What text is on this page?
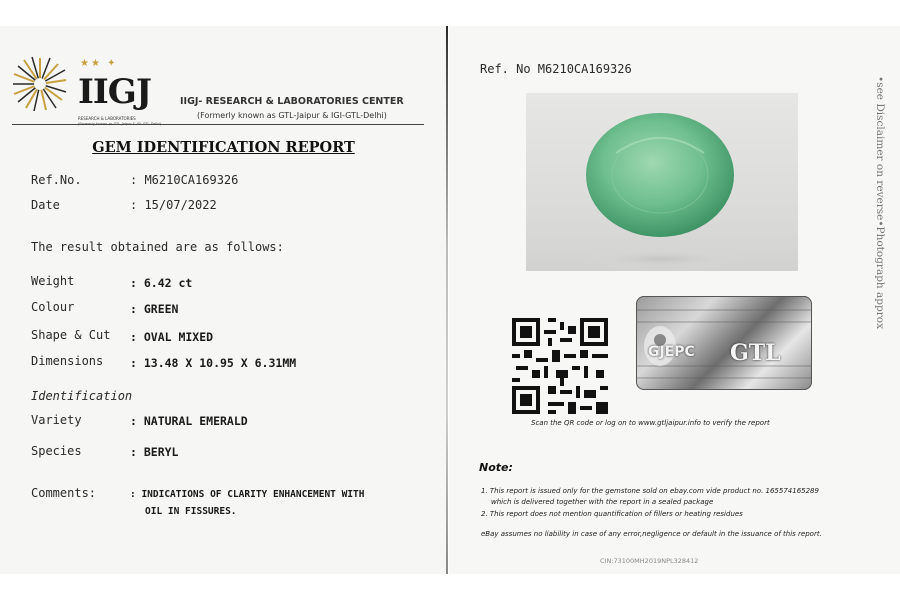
★★ ✦
IIGJ
RESEARCH & LABORATORIES
IIGJ- RESEARCH & LABORATORIES CENTER
(Formerly known as GTL-Jaipur & IGI-GTL-Delhi)
GEM IDENTIFICATION REPORT
Ref.No.	: M6210CA169326
Date	: 15/07/2022
The result obtained are as follows:
Weight	: 6.42 ct
Colour	: GREEN
Shape & Cut : OVAL MIXED
Dimensions : 13.48 X 10.95 X 6.31MM
Identification
Variety	: NATURAL EMERALD
Species	: BERYL
Comments:	: INDICATIONS OF CLARITY ENHANCEMENT WITH
OIL IN FISSURES.
Ref. No M6210CA169326
•see Disclaimer on reverse•Photograph approx
GJEPC GTL
Scan the QR code or log on to www.gtljaipur.info to verify the report
Note:
1. This report is issued only for the gemstone sold on ebay.com vide product no. 165574165289
which is delivered together with the report in a sealed package
2. This report does not mention quantification of fillers or heating residues
eBay assumes no liability in case of any error,negligence or default in the issuance of this report.
CIN:73100MH2019NPL328412
